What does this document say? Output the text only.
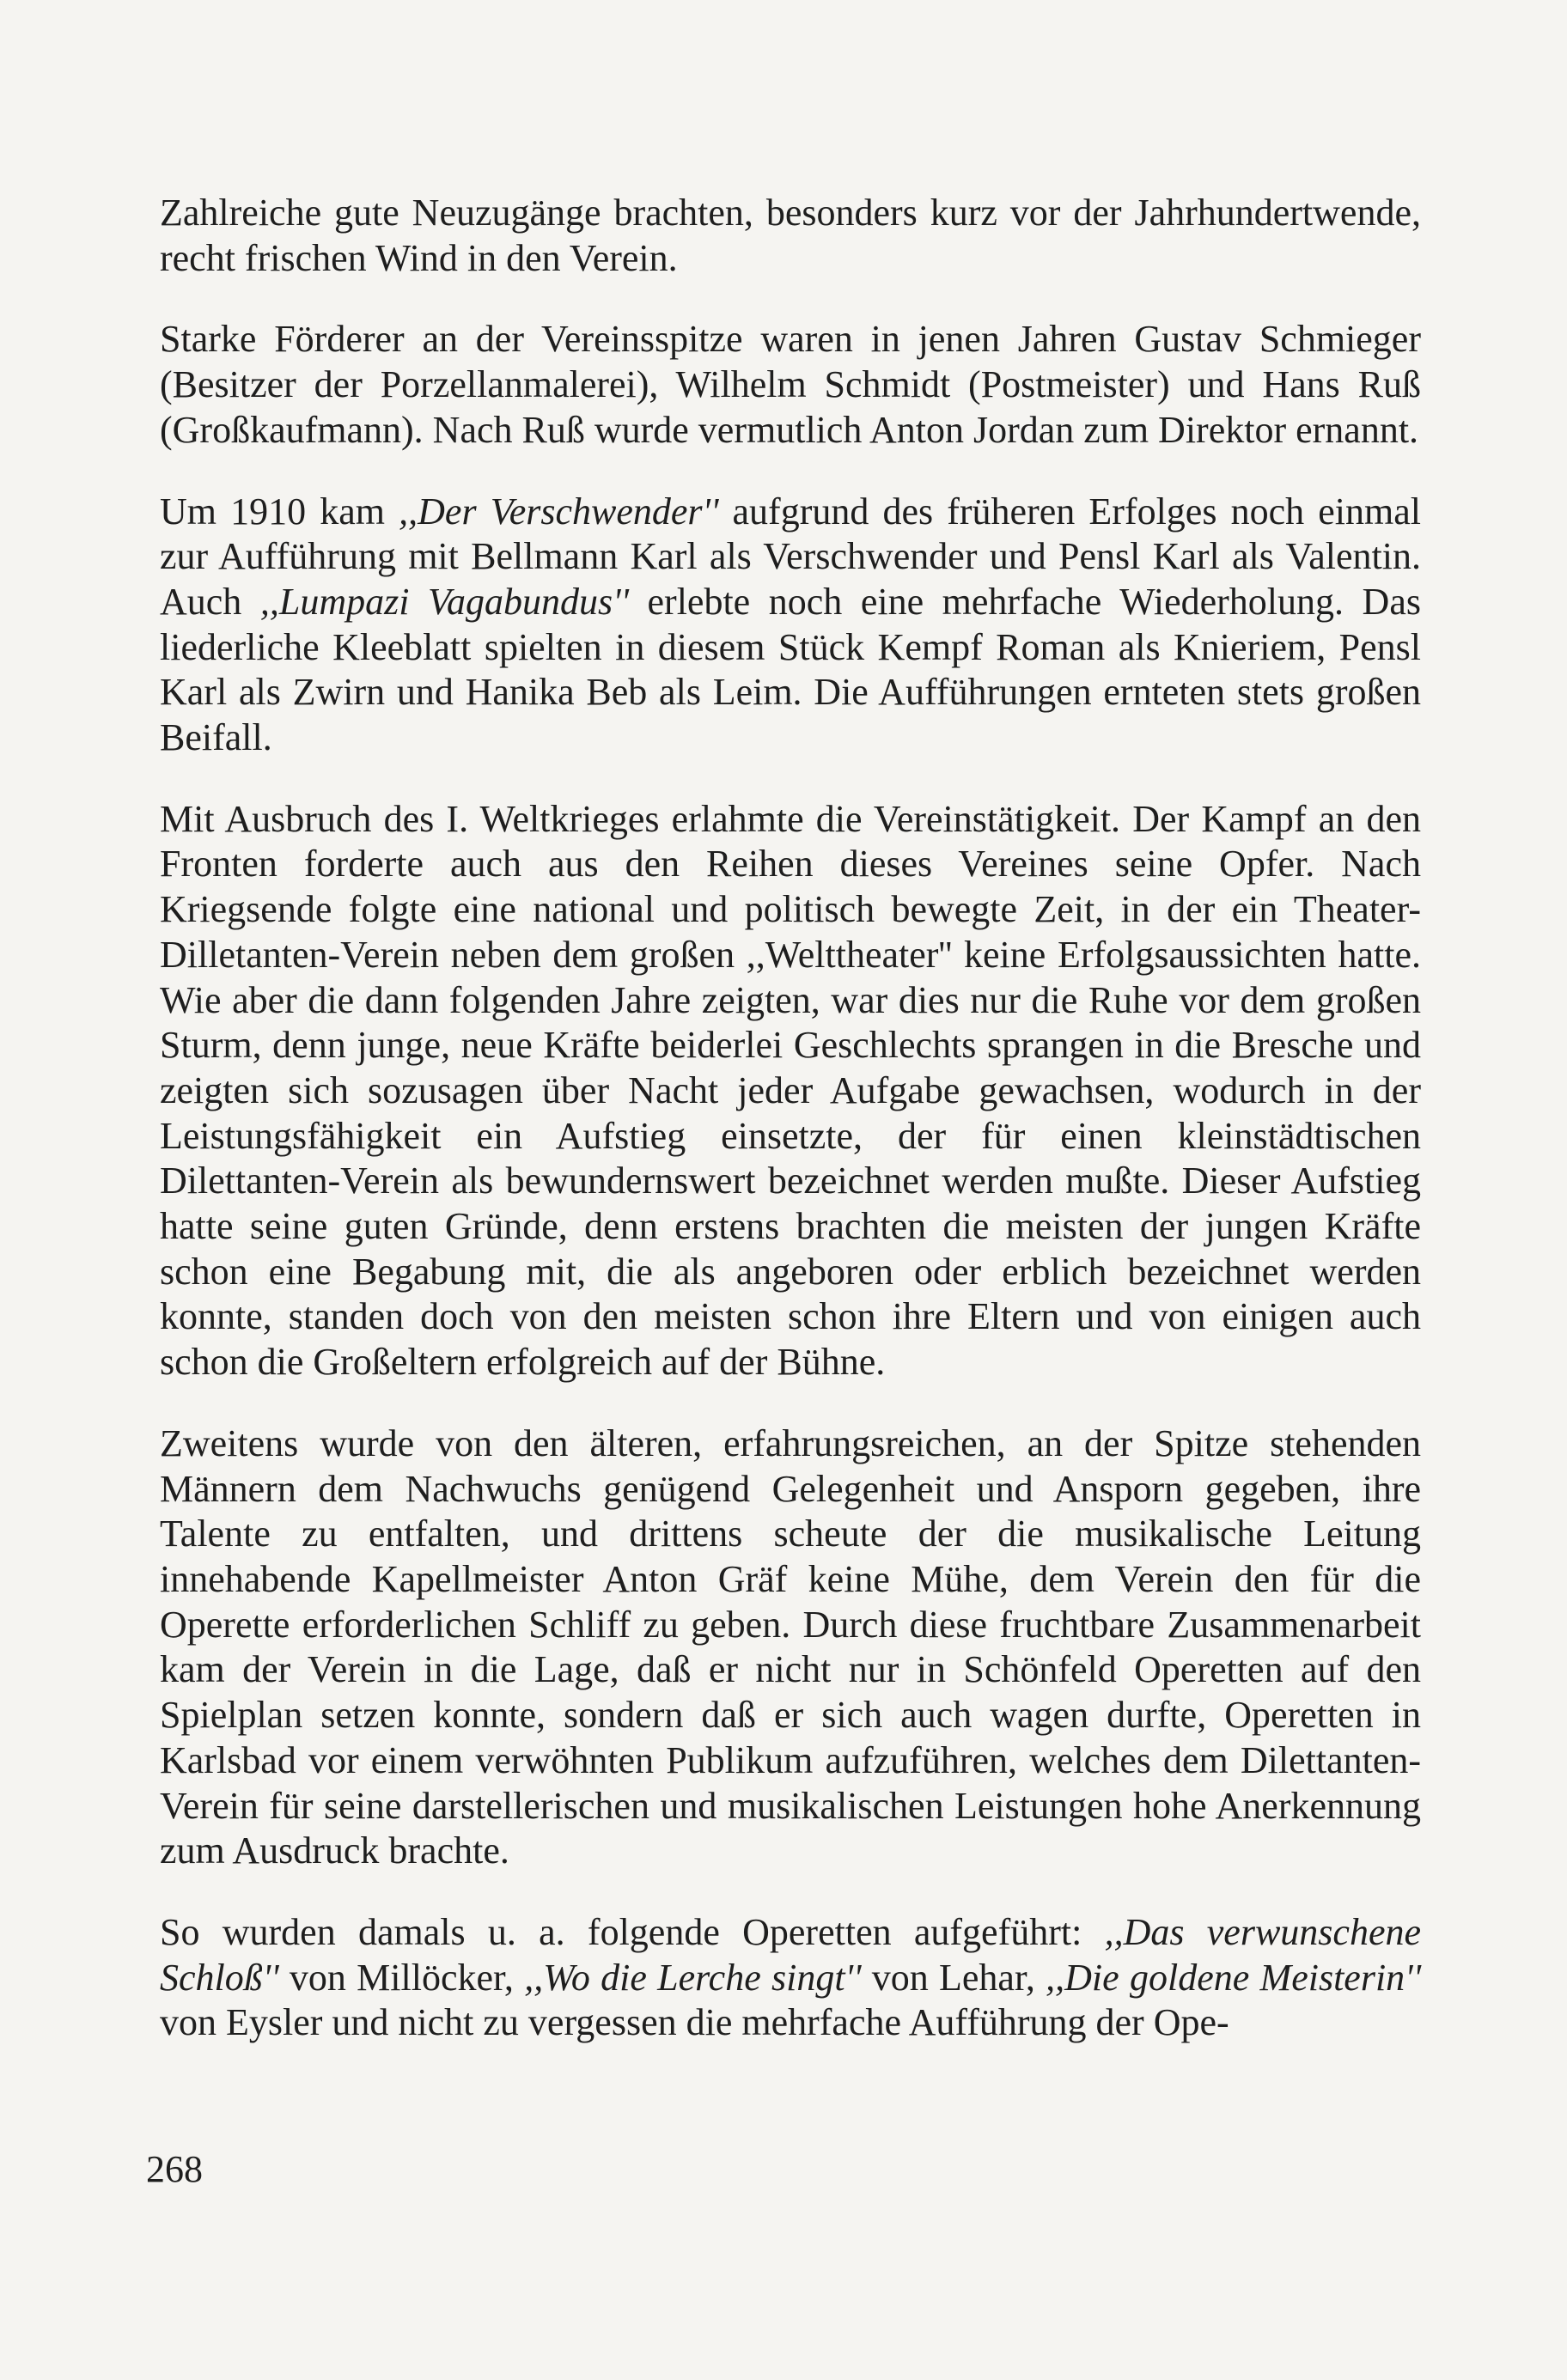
Zahlreiche gute Neuzugänge brachten, besonders kurz vor der Jahrhundertwende, recht frischen Wind in den Verein.

Starke Förderer an der Vereinsspitze waren in jenen Jahren Gustav Schmieger (Besitzer der Porzellanmalerei), Wilhelm Schmidt (Postmeister) und Hans Ruß (Großkaufmann). Nach Ruß wurde vermutlich Anton Jordan zum Direktor ernannt.

Um 1910 kam ,,Der Verschwender'' aufgrund des früheren Erfolges noch einmal zur Aufführung mit Bellmann Karl als Verschwender und Pensl Karl als Valentin. Auch ,,Lumpazi Vagabundus'' erlebte noch eine mehrfache Wiederholung. Das liederliche Kleeblatt spielten in diesem Stück Kempf Roman als Knieriem, Pensl Karl als Zwirn und Hanika Beb als Leim. Die Aufführungen ernteten stets großen Beifall.

Mit Ausbruch des I. Weltkrieges erlahmte die Vereinstätigkeit. Der Kampf an den Fronten forderte auch aus den Reihen dieses Vereines seine Opfer. Nach Kriegsende folgte eine national und politisch bewegte Zeit, in der ein Theater-Dilletanten-Verein neben dem großen ,,Welttheater'' keine Erfolgsaussichten hatte. Wie aber die dann folgenden Jahre zeigten, war dies nur die Ruhe vor dem großen Sturm, denn junge, neue Kräfte beiderlei Geschlechts sprangen in die Bresche und zeigten sich sozusagen über Nacht jeder Aufgabe gewachsen, wodurch in der Leistungsfähigkeit ein Aufstieg einsetzte, der für einen kleinstädtischen Dilettanten-Verein als bewundernswert bezeichnet werden mußte. Dieser Aufstieg hatte seine guten Gründe, denn erstens brachten die meisten der jungen Kräfte schon eine Begabung mit, die als angeboren oder erblich bezeichnet werden konnte, standen doch von den meisten schon ihre Eltern und von einigen auch schon die Großeltern erfolgreich auf der Bühne.

Zweitens wurde von den älteren, erfahrungsreichen, an der Spitze stehenden Männern dem Nachwuchs genügend Gelegenheit und Ansporn gegeben, ihre Talente zu entfalten, und drittens scheute der die musikalische Leitung innehabende Kapellmeister Anton Gräf keine Mühe, dem Verein den für die Operette erforderlichen Schliff zu geben. Durch diese fruchtbare Zusammenarbeit kam der Verein in die Lage, daß er nicht nur in Schönfeld Operetten auf den Spielplan setzen konnte, sondern daß er sich auch wagen durfte, Operetten in Karlsbad vor einem verwöhnten Publikum aufzuführen, welches dem Dilettanten-Verein für seine darstellerischen und musikalischen Leistungen hohe Anerkennung zum Ausdruck brachte.

So wurden damals u. a. folgende Operetten aufgeführt: ,,Das verwunschene Schloß'' von Millöcker, ,,Wo die Lerche singt'' von Lehar, ,,Die goldene Meisterin'' von Eysler und nicht zu vergessen die mehrfache Aufführung der Ope-

268
